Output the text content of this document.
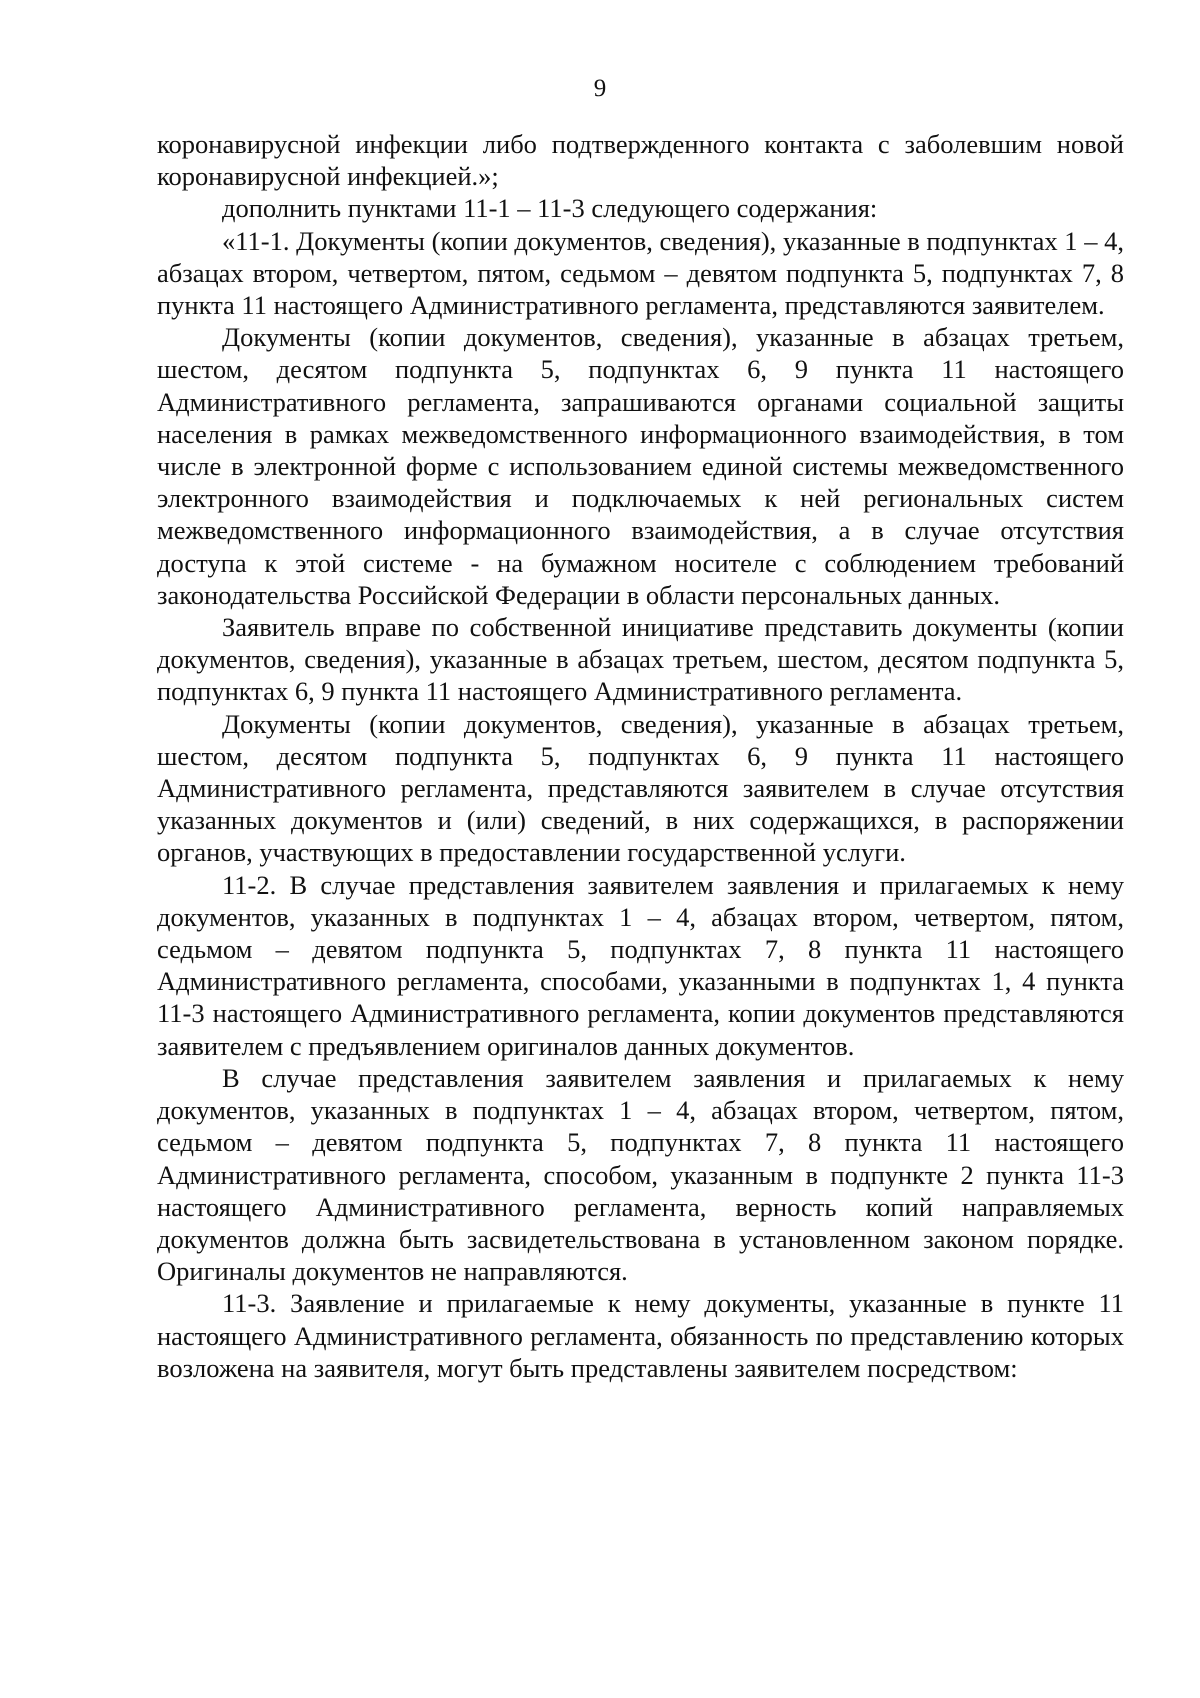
9

коронавирусной инфекции либо подтвержденного контакта с заболевшим новой коронавирусной инфекцией.»;

дополнить пунктами 11-1 – 11-3 следующего содержания:

«11-1. Документы (копии документов, сведения), указанные в подпунктах 1 – 4, абзацах втором, четвертом, пятом, седьмом – девятом подпункта 5, подпунктах 7, 8 пункта 11 настоящего Административного регламента, представляются заявителем.

Документы (копии документов, сведения), указанные в абзацах третьем, шестом, десятом подпункта 5, подпунктах 6, 9 пункта 11 настоящего Административного регламента, запрашиваются органами социальной защиты населения в рамках межведомственного информационного взаимодействия, в том числе в электронной форме с использованием единой системы межведомственного электронного взаимодействия и подключаемых к ней региональных систем межведомственного информационного взаимодействия, а в случае отсутствия доступа к этой системе - на бумажном носителе с соблюдением требований законодательства Российской Федерации в области персональных данных.

Заявитель вправе по собственной инициативе представить документы (копии документов, сведения), указанные в абзацах третьем, шестом, десятом подпункта 5, подпунктах 6, 9 пункта 11 настоящего Административного регламента.

Документы (копии документов, сведения), указанные в абзацах третьем, шестом, десятом подпункта 5, подпунктах 6, 9 пункта 11 настоящего Административного регламента, представляются заявителем в случае отсутствия указанных документов и (или) сведений, в них содержащихся, в распоряжении органов, участвующих в предоставлении государственной услуги.

11-2. В случае представления заявителем заявления и прилагаемых к нему документов, указанных в подпунктах 1 – 4, абзацах втором, четвертом, пятом, седьмом – девятом подпункта 5, подпунктах 7, 8 пункта 11 настоящего Административного регламента, способами, указанными в подпунктах 1, 4 пункта 11-3 настоящего Административного регламента, копии документов представляются заявителем с предъявлением оригиналов данных документов.

В случае представления заявителем заявления и прилагаемых к нему документов, указанных в подпунктах 1 – 4, абзацах втором, четвертом, пятом, седьмом – девятом подпункта 5, подпунктах 7, 8 пункта 11 настоящего Административного регламента, способом, указанным в подпункте 2 пункта 11-3 настоящего Административного регламента, верность копий направляемых документов должна быть засвидетельствована в установленном законом порядке. Оригиналы документов не направляются.

11-3. Заявление и прилагаемые к нему документы, указанные в пункте 11 настоящего Административного регламента, обязанность по представлению которых возложена на заявителя, могут быть представлены заявителем посредством:
